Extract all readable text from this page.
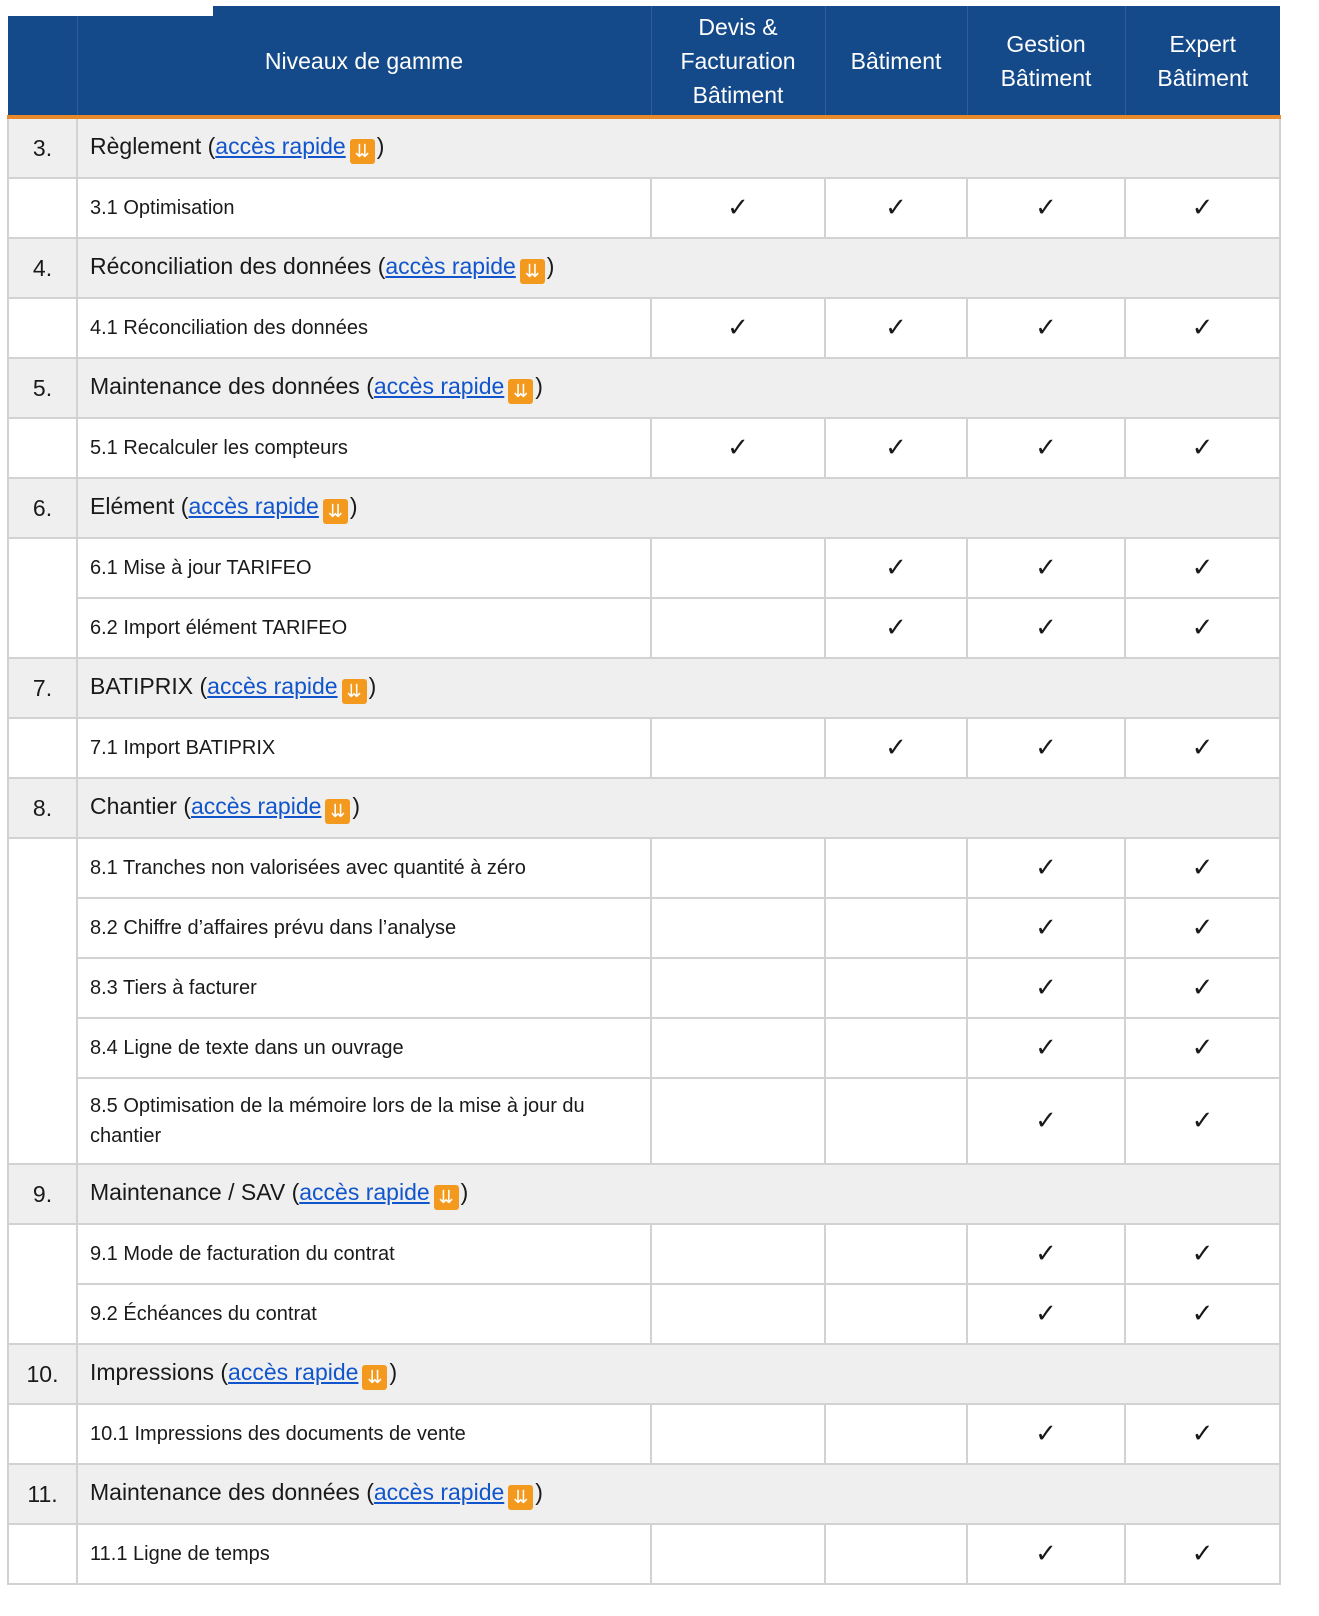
	Niveaux de gamme	Devis & Facturation Bâtiment	Bâtiment	Gestion Bâtiment	Expert Bâtiment
3.	Règlement (accès rapide ⇊ )				
	3.1 Optimisation	✓	✓	✓	✓
4.	Réconciliation des données (accès rapide ⇊ )				
	4.1 Réconciliation des données	✓	✓	✓	✓
5.	Maintenance des données (accès rapide ⇊ )				
	5.1 Recalculer les compteurs	✓	✓	✓	✓
6.	Elément (accès rapide ⇊ )				
	6.1 Mise à jour TARIFEO		✓	✓	✓
	6.2 Import élément TARIFEO		✓	✓	✓
7.	BATIPRIX (accès rapide ⇊ )				
	7.1 Import BATIPRIX		✓	✓	✓
8.	Chantier (accès rapide ⇊ )				
	8.1 Tranches non valorisées avec quantité à zéro			✓	✓
	8.2 Chiffre d’affaires prévu dans l’analyse			✓	✓
	8.3 Tiers à facturer			✓	✓
	8.4 Ligne de texte dans un ouvrage			✓	✓
	8.5 Optimisation de la mémoire lors de la mise à jour du chantier			✓	✓
9.	Maintenance / SAV (accès rapide ⇊ )				
	9.1 Mode de facturation du contrat			✓	✓
	9.2 Échéances du contrat			✓	✓
10.	Impressions (accès rapide ⇊ )				
	10.1 Impressions des documents de vente			✓	✓
11.	Maintenance des données (accès rapide ⇊ )				
	11.1 Ligne de temps			✓	✓
